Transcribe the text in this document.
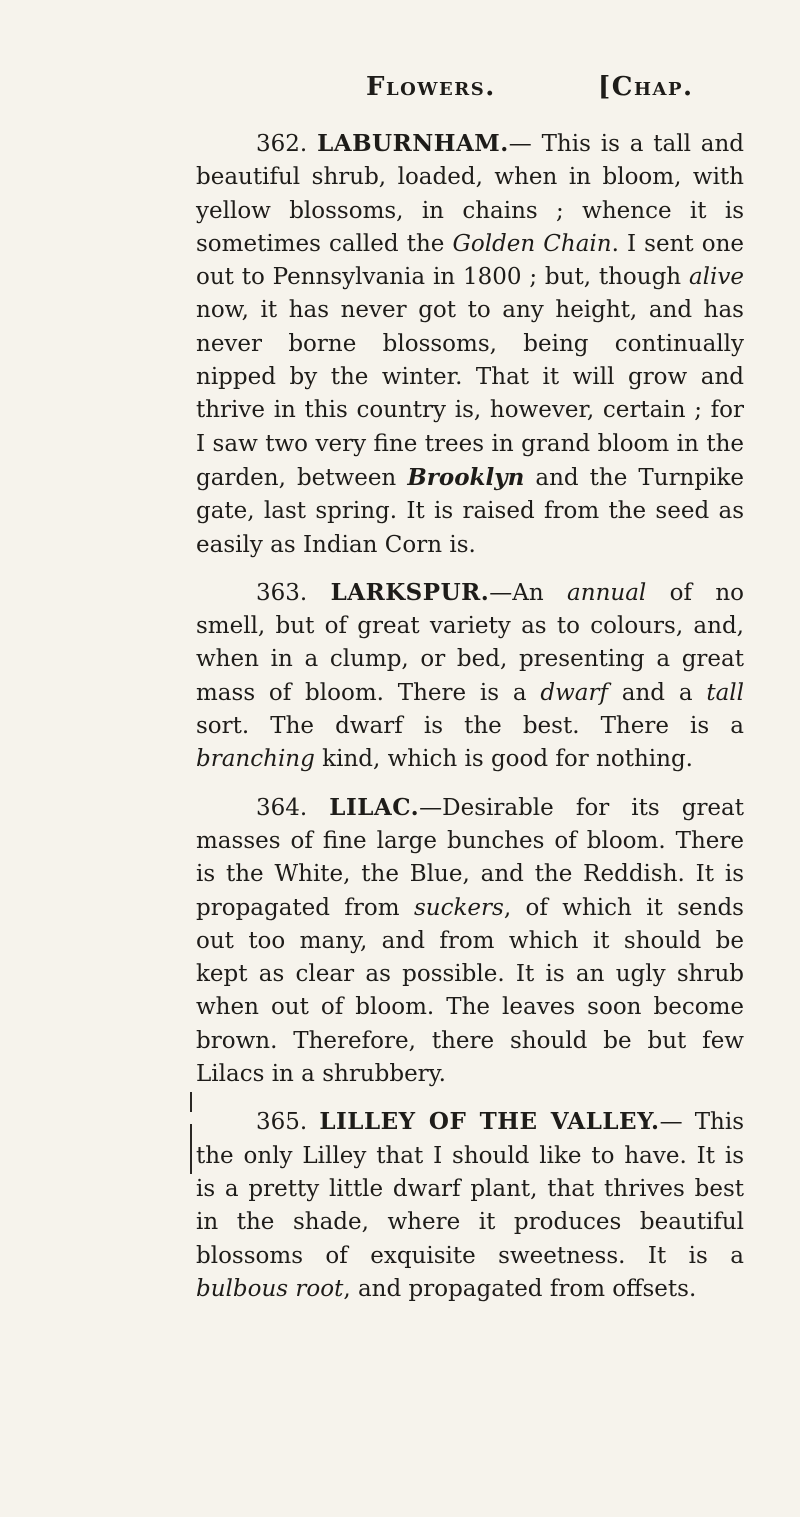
Flowers.	[Chap.

362. LABURNHAM.— This is a tall and beautiful shrub, loaded, when in bloom, with yellow blossoms, in chains ; whence it is sometimes called the Golden Chain. I sent one out to Pennsylvania in 1800 ; but, though alive now, it has never got to any height, and has never borne blossoms, being continually nipped by the winter. That it will grow and thrive in this country is, however, certain ; for I saw two very fine trees in grand bloom in the garden, between Brooklyn and the Turnpike gate, last spring. It is raised from the seed as easily as Indian Corn is.

363. LARKSPUR.—An annual of no smell, but of great variety as to colours, and, when in a clump, or bed, presenting a great mass of bloom. There is a dwarf and a tall sort. The dwarf is the best. There is a branching kind, which is good for nothing.

364. LILAC.—Desirable for its great masses of fine large bunches of bloom. There is the White, the Blue, and the Reddish. It is propagated from suckers, of which it sends out too many, and from which it should be kept as clear as possible. It is an ugly shrub when out of bloom. The leaves soon become brown. Therefore, there should be but few Lilacs in a shrubbery.

365. LILLEY OF THE VALLEY.— This the only Lilley that I should like to have. It is is a pretty little dwarf plant, that thrives best in the shade, where it produces beautiful blossoms of exquisite sweetness. It is a bulbous root, and propagated from offsets.
